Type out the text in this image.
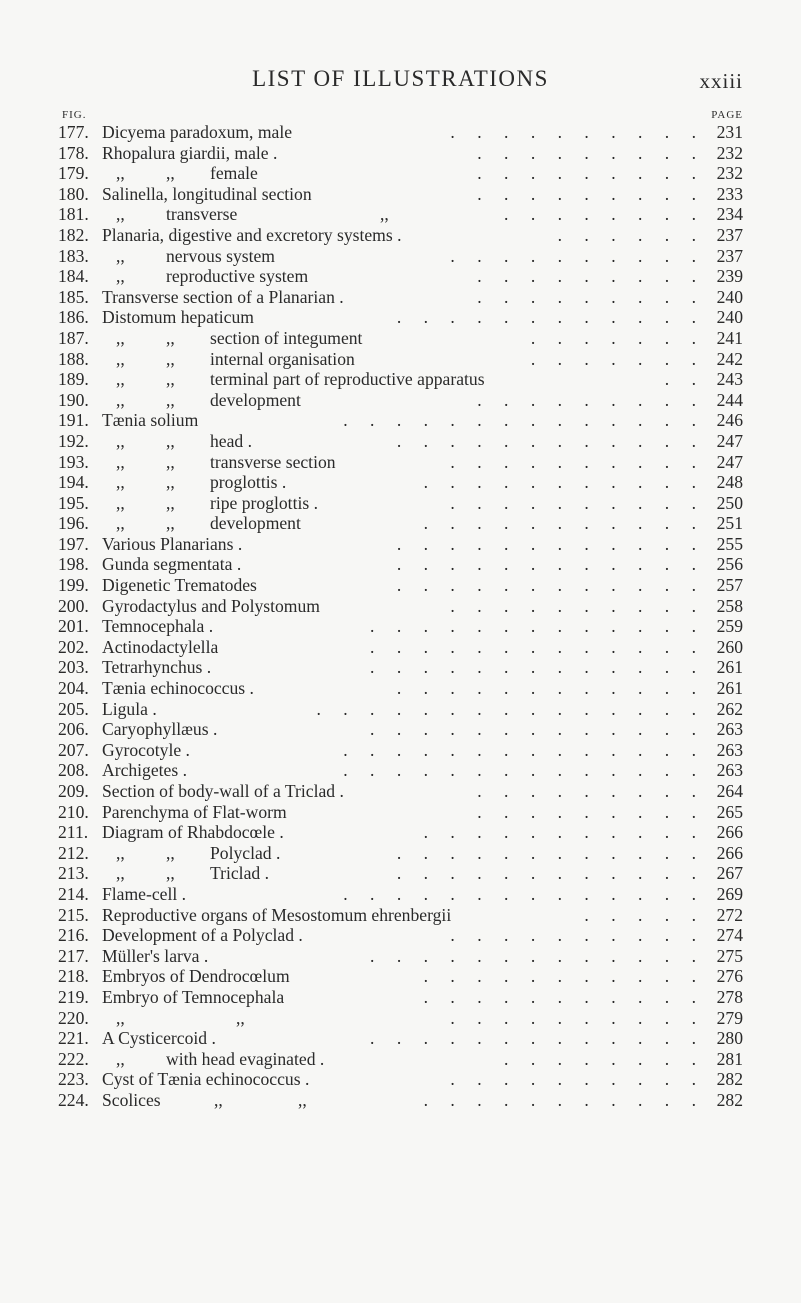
LIST OF ILLUSTRATIONS	xxiii
FIG.	PAGE
177. Dicyema paradoxum, male	. . . . . . . . . . 231
178. Rhopalura giardii, male .	. . . . . . . . . 232
179.	,, ,, female	. . . . . . . . . 232
180. Salinella, longitudinal section	. . . . . . . . . 233
181.	,, transverse	,,	. . . . . . . . 234
182. Planaria, digestive and excretory systems .	. . . . . . 237
183.	,, nervous system	. . . . . . . . . . 237
184.	,, reproductive system	. . . . . . . . . 239
185. Transverse section of a Planarian .	. . . . . . . . . 240
186. Distomum hepaticum	. . . . . . . . . . . . 240
187.	,, ,, section of integument	. . . . . . . 241
188.	,, ,, internal organisation	. . . . . . . 242
189.	,, ,, terminal part of reproductive apparatus	. . 243
190.	,, ,, development	. . . . . . . . . 244
191. Tænia solium	. . . . . . . . . . . . . . 246
192.	,, ,, head .	. . . . . . . . . . . . 247
193.	,, ,, transverse section	. . . . . . . . . . 247
194.	,, ,, proglottis .	. . . . . . . . . . . 248
195.	,, ,, ripe proglottis .	. . . . . . . . . . 250
196.	,, ,, development	. . . . . . . . . . . 251
197. Various Planarians .	. . . . . . . . . . . . 255
198. Gunda segmentata .	. . . . . . . . . . . . 256
199. Digenetic Trematodes	. . . . . . . . . . . . 257
200. Gyrodactylus and Polystomum	. . . . . . . . . . 258
201. Temnocephala .	. . . . . . . . . . . . . 259
202. Actinodactylella	. . . . . . . . . . . . . 260
203. Tetrarhynchus .	. . . . . . . . . . . . . 261
204. Tænia echinococcus .	. . . . . . . . . . . . 261
205. Ligula .	. . . . . . . . . . . . . . . 262
206. Caryophyllæus .	. . . . . . . . . . . . . 263
207. Gyrocotyle .	. . . . . . . . . . . . . . 263
208. Archigetes .	. . . . . . . . . . . . . . 263
209. Section of body-wall of a Triclad .	. . . . . . . . . 264
210. Parenchyma of Flat-worm	. . . . . . . . . 265
211. Diagram of Rhabdocœle .	. . . . . . . . . . . 266
212.	,, ,, Polyclad .	. . . . . . . . . . . . 266
213.	,, ,, Triclad .	. . . . . . . . . . . . 267
214. Flame-cell .	. . . . . . . . . . . . . . 269
215. Reproductive organs of Mesostomum ehrenbergii	. . . . . 272
216. Development of a Polyclad .	. . . . . . . . . . 274
217. Müller's larva .	. . . . . . . . . . . . . 275
218. Embryos of Dendrocœlum	. . . . . . . . . . . 276
219. Embryo of Temnocephala	. . . . . . . . . . . 278
220.	,,	,,	. . . . . . . . . . 279
221. A Cysticercoid .	. . . . . . . . . . . . . 280
222.	,, with head evaginated .	. . . . . . . . 281
223. Cyst of Tænia echinococcus .	. . . . . . . . . . 282
224. Scolices	,,	,,	. . . . . . . . . . . 282
